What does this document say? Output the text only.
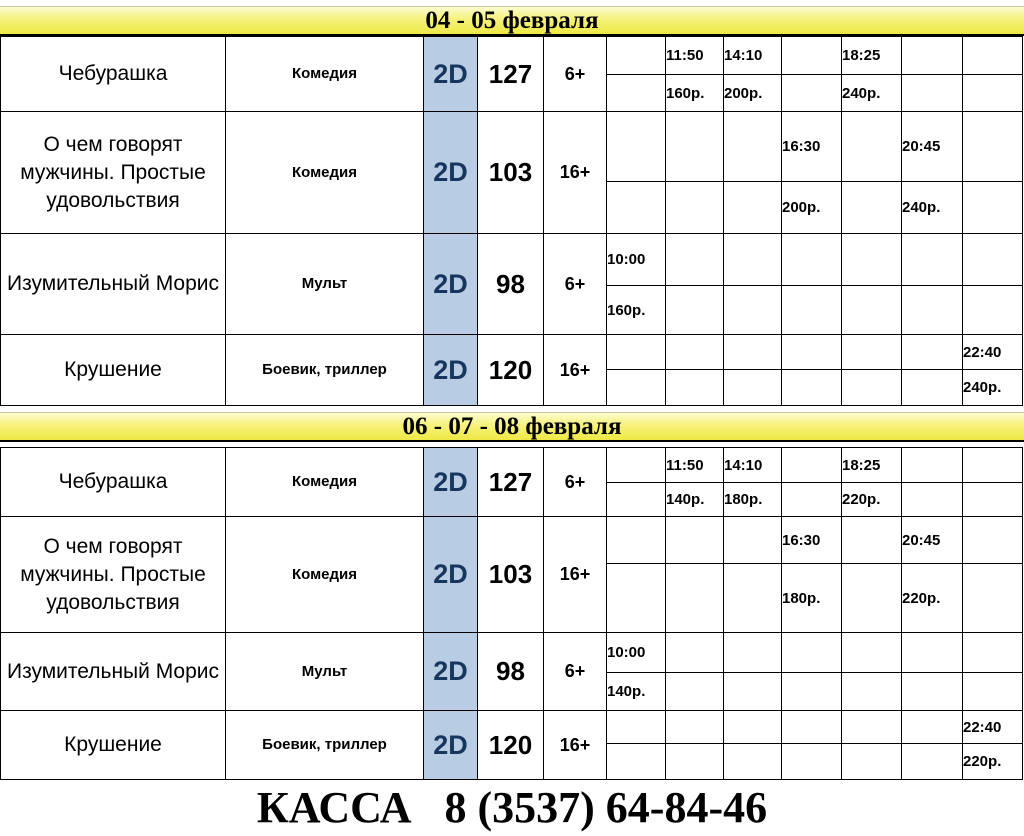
04 - 05 февраля
Чебурашка	Комедия	2D	127	6+		11:50	14:10		18:25		
						160р.	200р.		240р.		
О чем говорят мужчины. Простые удовольствия	Комедия	2D	103	16+				16:30		20:45	
								200р.		240р.	
Изумительный Морис	Мульт	2D	98	6+	10:00						
					160р.						
Крушение	Боевик, триллер	2D	120	16+							22:40
											240р.
06 - 07 - 08 февраля
Чебурашка	Комедия	2D	127	6+		11:50	14:10		18:25		
						140р.	180р.		220р.		
О чем говорят мужчины. Простые удовольствия	Комедия	2D	103	16+				16:30		20:45	
								180р.		220р.	
Изумительный Морис	Мульт	2D	98	6+	10:00						
					140р.						
Крушение	Боевик, триллер	2D	120	16+							22:40
											220р.
КАССА 8 (3537) 64-84-46
